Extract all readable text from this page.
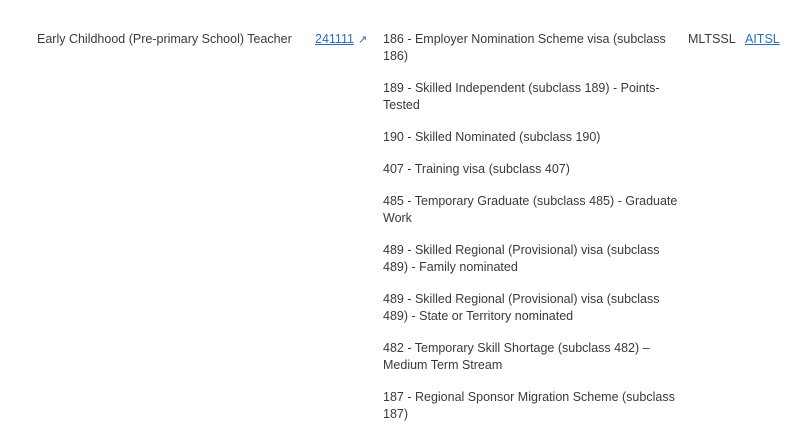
Early Childhood (Pre-primary School) Teacher	241111 ↗ 186 - Employer Nomination Scheme visa (subclass 186)
189 - Skilled Independent (subclass 189) - Points-Tested
190 - Skilled Nominated (subclass 190)
407 - Training visa (subclass 407)
485 - Temporary Graduate (subclass 485) - Graduate Work
489 - Skilled Regional (Provisional) visa (subclass 489) - Family nominated
489 - Skilled Regional (Provisional) visa (subclass 489) - State or Territory nominated
482 - Temporary Skill Shortage (subclass 482) – Medium Term Stream
187 - Regional Sponsor Migration Scheme (subclass 187)
MLTSSL AITSL
